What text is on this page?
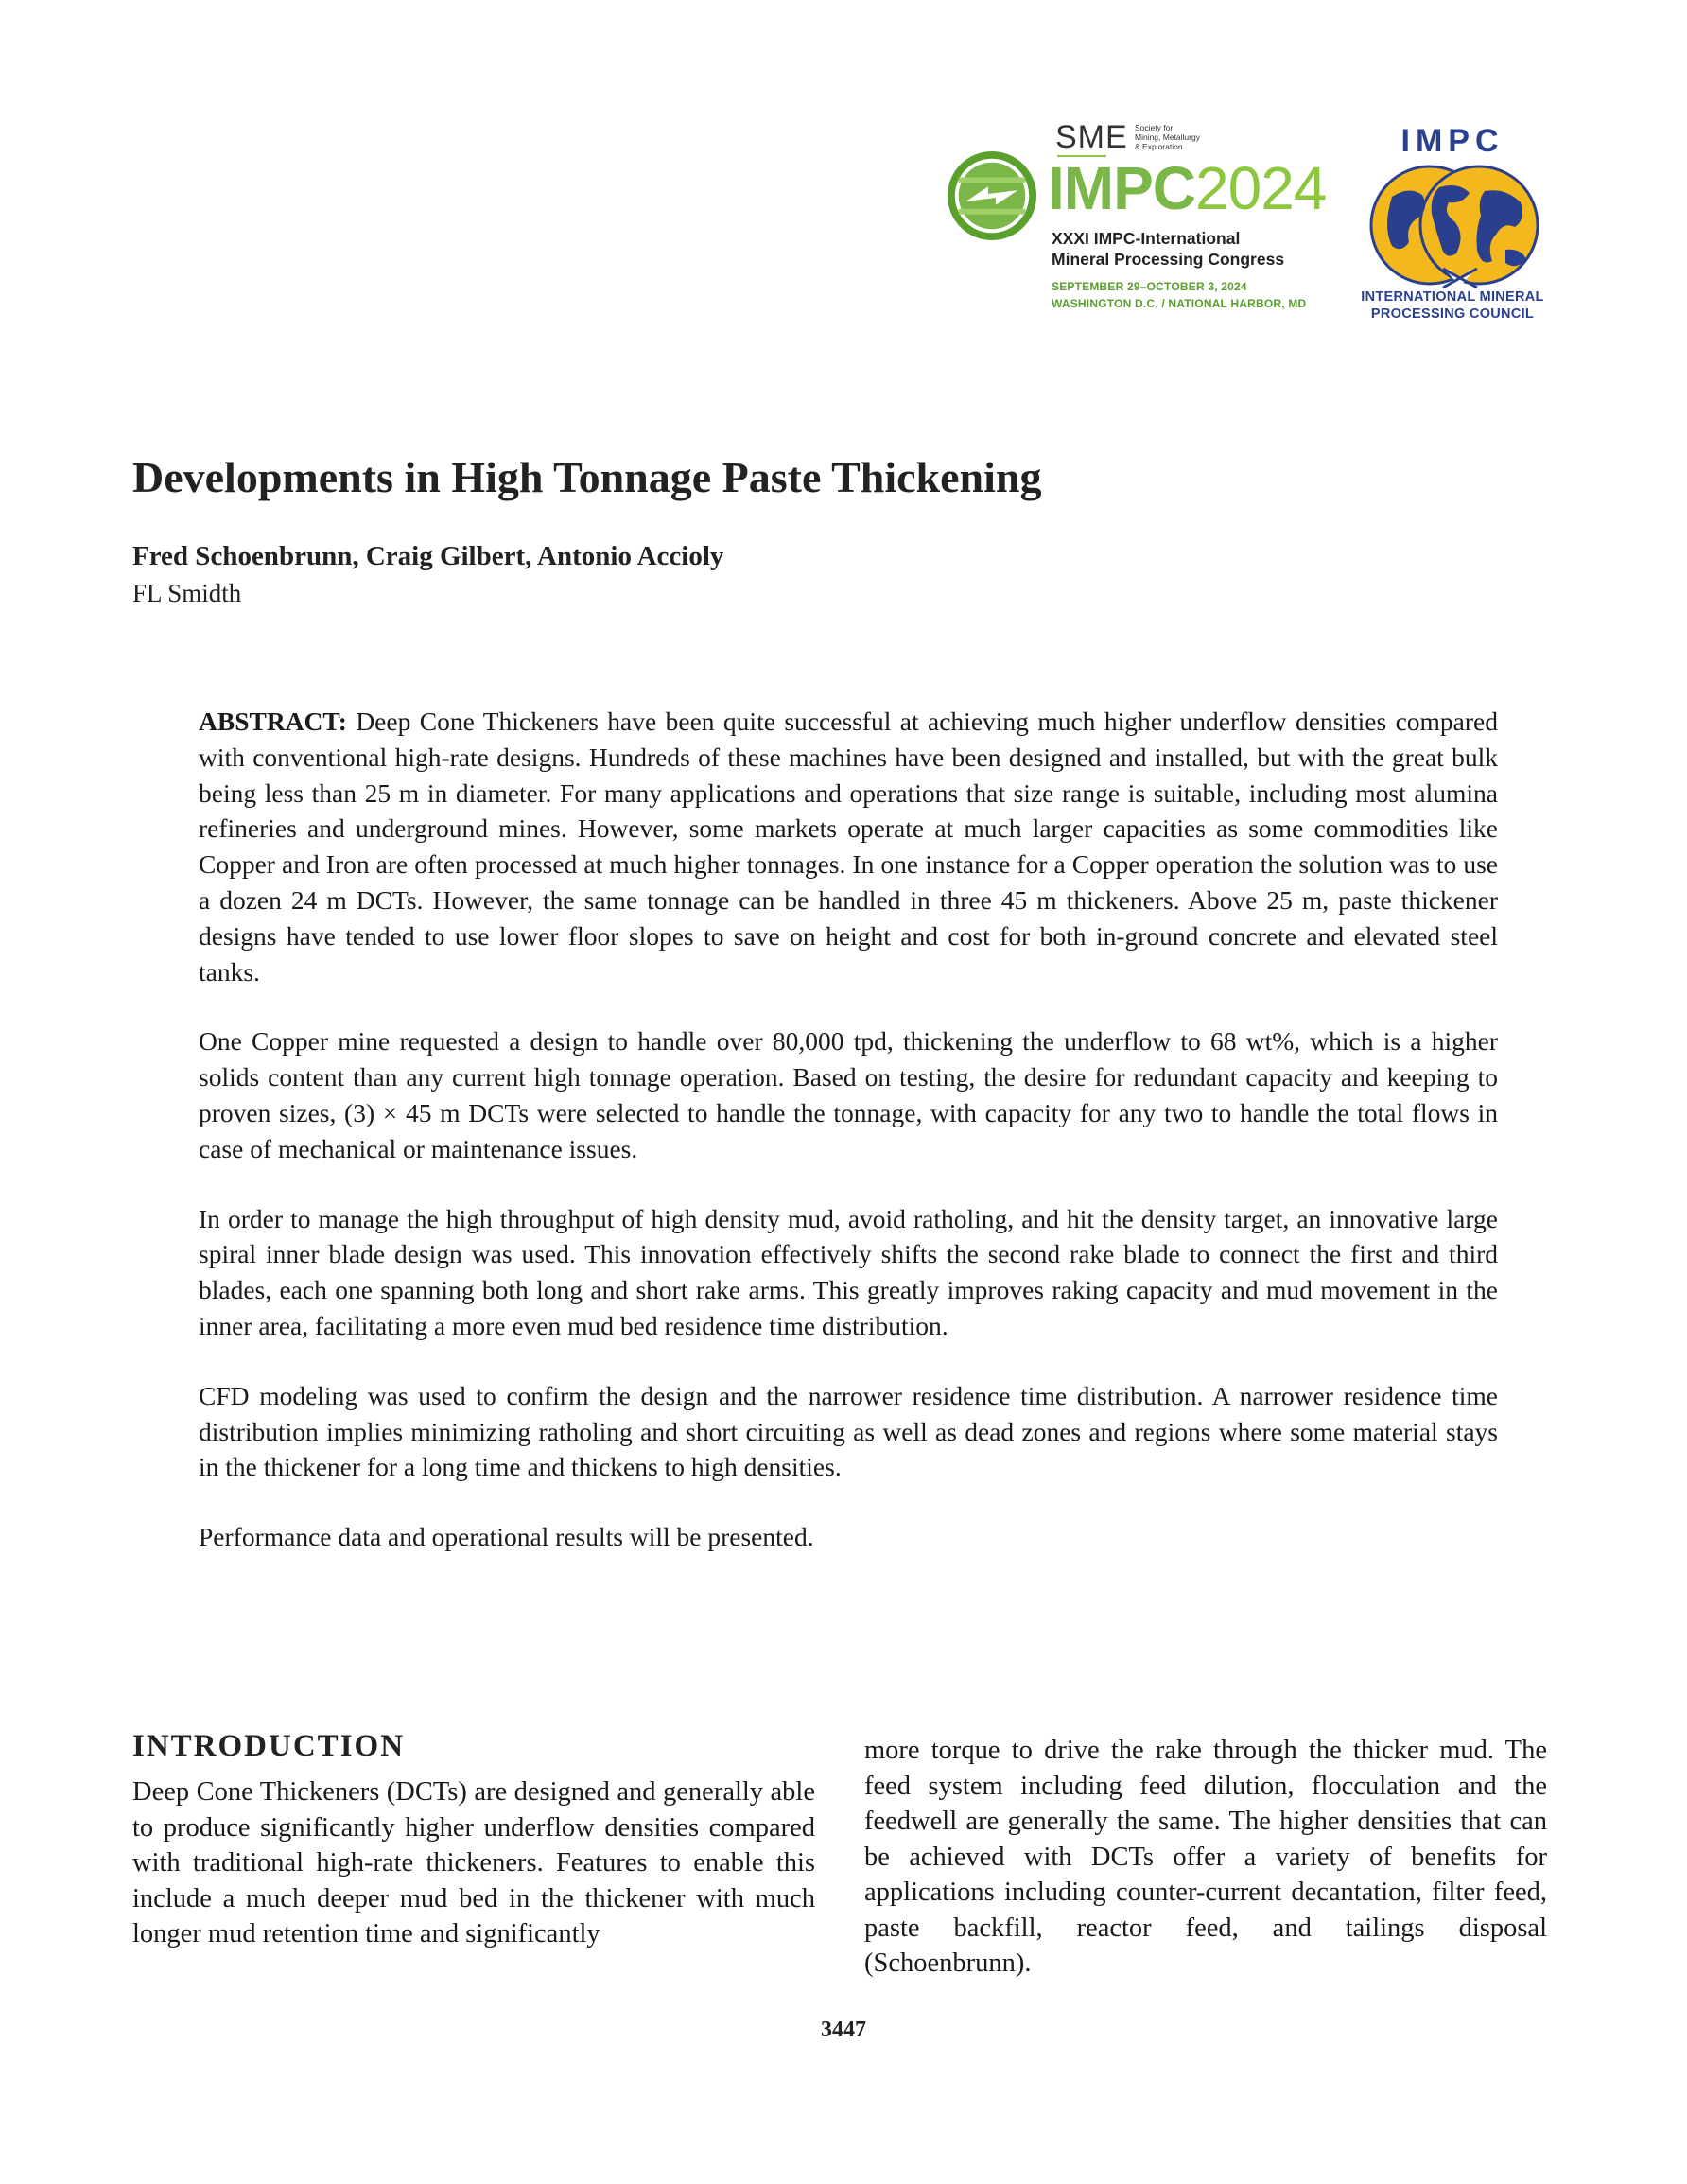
SME Society for
Mining, Metallurgy
& Exploration
IMPC2024
XXXI IMPC-International
Mineral Processing Congress
SEPTEMBER 29–OCTOBER 3, 2024
WASHINGTON D.C. / NATIONAL HARBOR, MD
IMPC
INTERNATIONAL MINERAL
PROCESSING COUNCIL
Developments in High Tonnage Paste Thickening
Fred Schoenbrunn, Craig Gilbert, Antonio Accioly
FL Smidth

ABSTRACT: Deep Cone Thickeners have been quite successful at achieving much higher underflow densities compared with conventional high-rate designs. Hundreds of these machines have been designed and installed, but with the great bulk being less than 25 m in diameter. For many applications and operations that size range is suitable, including most alumina refineries and underground mines. However, some markets operate at much larger capacities as some commodities like Copper and Iron are often processed at much higher tonnages. In one instance for a Copper operation the solution was to use a dozen 24 m DCTs. However, the same tonnage can be handled in three 45 m thickeners. Above 25 m, paste thickener designs have tended to use lower floor slopes to save on height and cost for both in-ground concrete and elevated steel tanks.

One Copper mine requested a design to handle over 80,000 tpd, thickening the underflow to 68 wt%, which is a higher solids content than any current high tonnage operation. Based on testing, the desire for redundant capacity and keeping to proven sizes, (3) × 45 m DCTs were selected to handle the tonnage, with capacity for any two to handle the total flows in case of mechanical or maintenance issues.

In order to manage the high throughput of high density mud, avoid ratholing, and hit the density target, an innovative large spiral inner blade design was used. This innovation effectively shifts the second rake blade to connect the first and third blades, each one spanning both long and short rake arms. This greatly improves raking capacity and mud movement in the inner area, facilitating a more even mud bed residence time distribution.

CFD modeling was used to confirm the design and the narrower residence time distribution. A narrower residence time distribution implies minimizing ratholing and short circuiting as well as dead zones and regions where some material stays in the thickener for a long time and thickens to high densities.

Performance data and operational results will be presented.

INTRODUCTION

Deep Cone Thickeners (DCTs) are designed and generally able to produce significantly higher underflow densities compared with traditional high-rate thickeners. Features to enable this include a much deeper mud bed in the thickener with much longer mud retention time and significantly

more torque to drive the rake through the thicker mud. The feed system including feed dilution, flocculation and the feedwell are generally the same. The higher densities that can be achieved with DCTs offer a variety of benefits for applications including counter-current decantation, filter feed, paste backfill, reactor feed, and tailings disposal (Schoenbrunn).

3447
